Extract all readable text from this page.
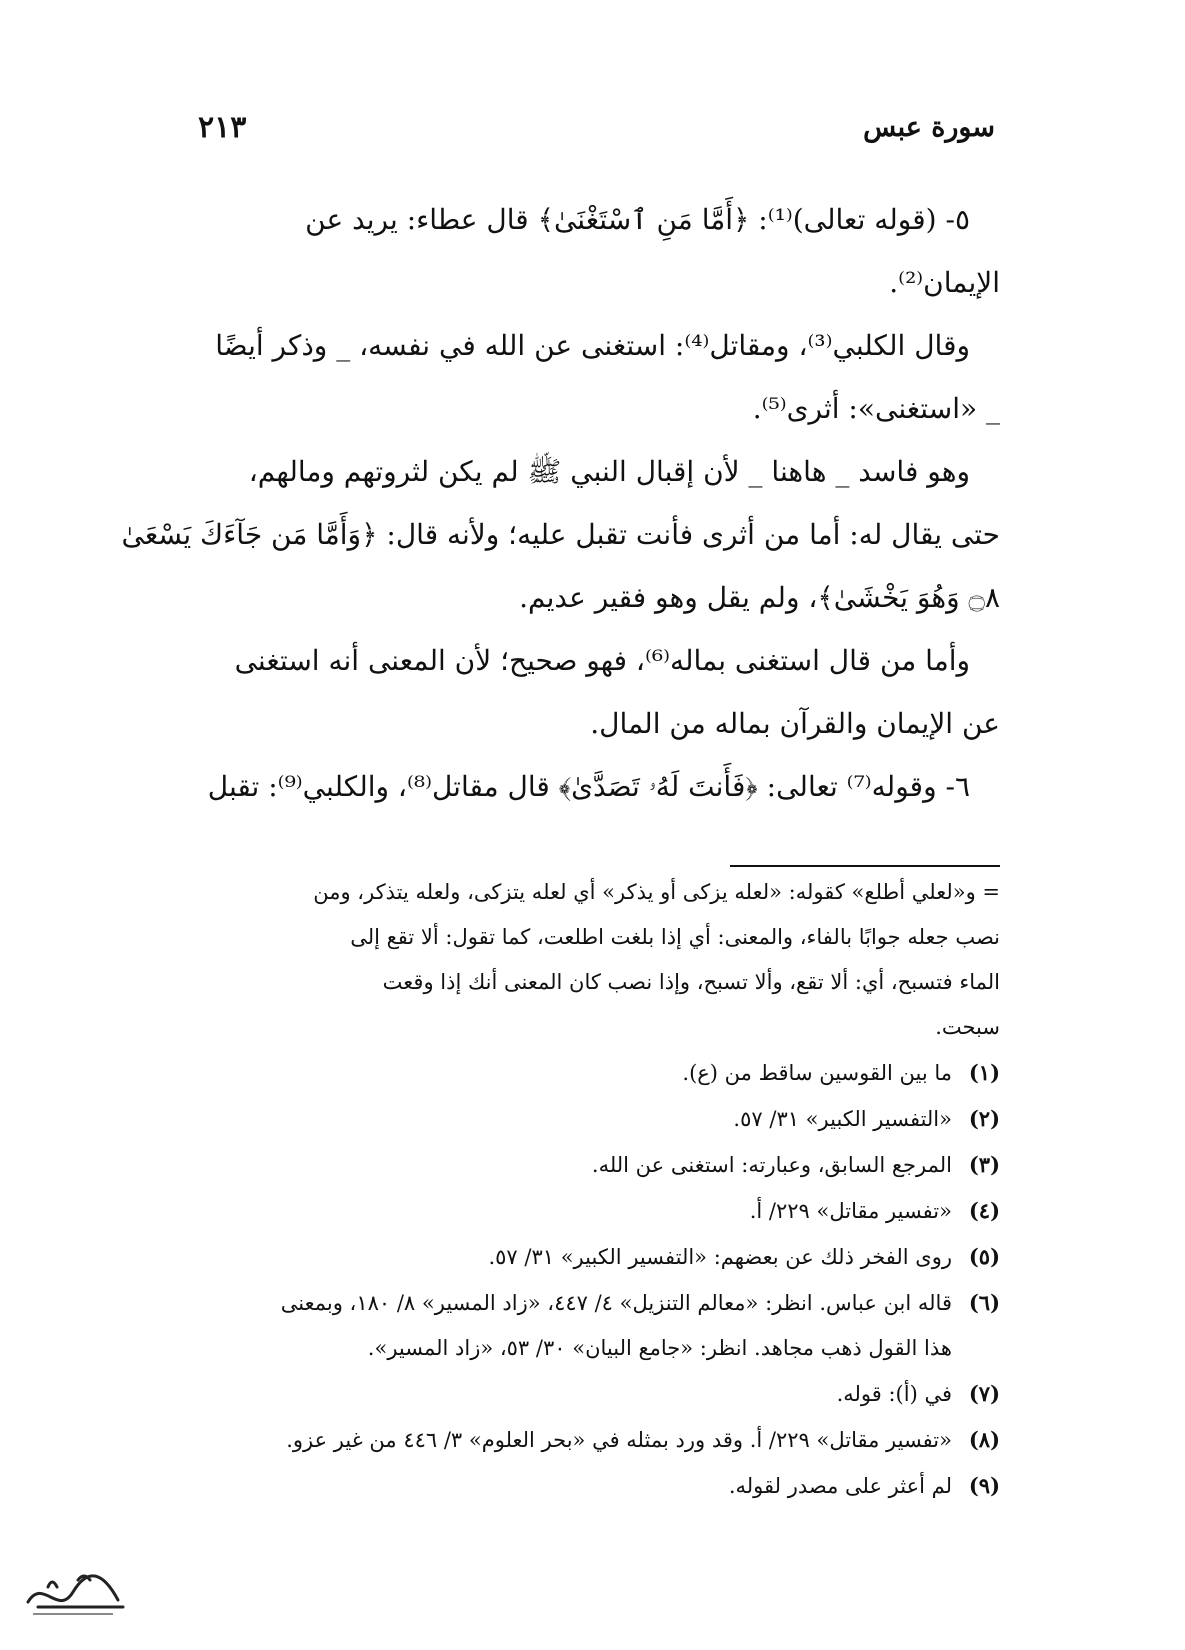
سورة عبس
٢١٣

٥- (قوله تعالى)⁽¹⁾: ﴿أَمَّا مَنِ ٱسْتَغْنَىٰ﴾ قال عطاء: يريد عن

الإيمان⁽²⁾.

وقال الكلبي⁽³⁾، ومقاتل⁽⁴⁾: استغنى عن الله في نفسه، _ وذكر أيضًا

_ «استغنى»: أثرى⁽⁵⁾.

وهو فاسد _ هاهنا _ لأن إقبال النبي ﷺ لم يكن لثروتهم ومالهم،

حتى يقال له: أما من أثرى فأنت تقبل عليه؛ ولأنه قال: ﴿وَأَمَّا مَن جَآءَكَ يَسْعَىٰ

۝٨ وَهُوَ يَخْشَىٰ﴾، ولم يقل وهو فقير عديم.

وأما من قال استغنى بماله⁽⁶⁾، فهو صحيح؛ لأن المعنى أنه استغنى

عن الإيمان والقرآن بماله من المال.

٦- وقوله⁽⁷⁾ تعالى: ﴿فَأَنتَ لَهُۥ تَصَدَّىٰ﴾ قال مقاتل⁽⁸⁾، والكلبي⁽⁹⁾: تقبل

= و«لعلي أطلع» كقوله: «لعله يزكى أو يذكر» أي لعله يتزكى، ولعله يتذكر، ومن

نصب جعله جوابًا بالفاء، والمعنى: أي إذا بلغت اطلعت، كما تقول: ألا تقع إلى

الماء فتسبح، أي: ألا تقع، وألا تسبح، وإذا نصب كان المعنى أنك إذا وقعت

سبحت.

(١)ما بين القوسين ساقط من (ع).

(٢)«التفسير الكبير» ٣١/ ٥٧.

(٣)المرجع السابق، وعبارته: استغنى عن الله.

(٤)«تفسير مقاتل» ٢٢٩/ أ.

(٥)روى الفخر ذلك عن بعضهم: «التفسير الكبير» ٣١/ ٥٧.

(٦)قاله ابن عباس. انظر: «معالم التنزيل» ٤/ ٤٤٧، «زاد المسير» ٨/ ١٨٠، وبمعنى

هذا القول ذهب مجاهد. انظر: «جامع البيان» ٣٠/ ٥٣، «زاد المسير».

(٧)في (أ): قوله.

(٨)«تفسير مقاتل» ٢٢٩/ أ. وقد ورد بمثله في «بحر العلوم» ٣/ ٤٤٦ من غير عزو.

(٩)لم أعثر على مصدر لقوله.
